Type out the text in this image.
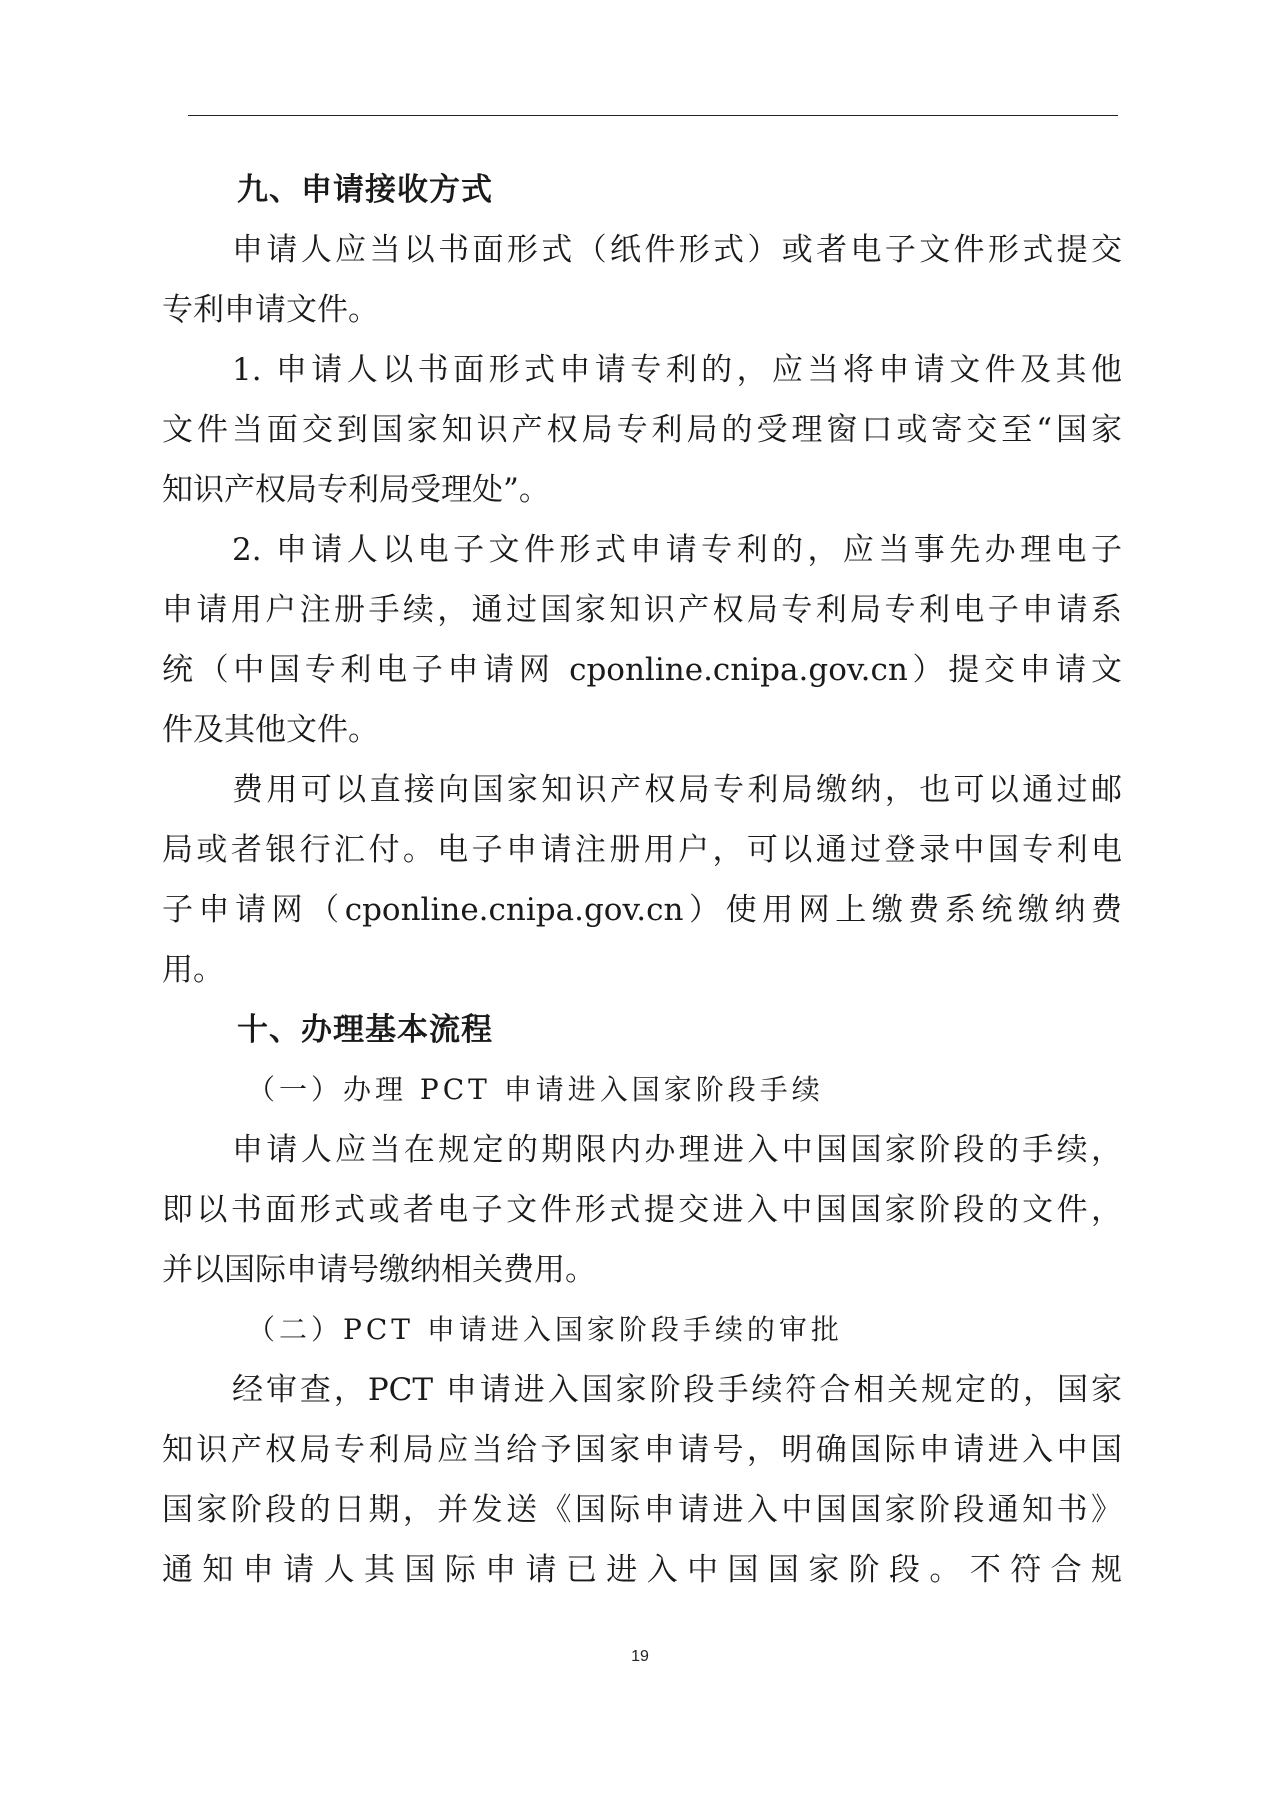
九、申请接收方式
申请人应当以书面形式（纸件形式）或者电子文件形式提交
专利申请文件。
1. 申请人以书面形式申请专利的，应当将申请文件及其他
文件当面交到国家知识产权局专利局的受理窗口或寄交至“国家
知识产权局专利局受理处”。
2. 申请人以电子文件形式申请专利的，应当事先办理电子
申请用户注册手续，通过国家知识产权局专利局专利电子申请系
统（中国专利电子申请网 cponline.cnipa.gov.cn）提交申请文
件及其他文件。
费用可以直接向国家知识产权局专利局缴纳，也可以通过邮
局或者银行汇付。电子申请注册用户，可以通过登录中国专利电
子申请网（cponline.cnipa.gov.cn）使用网上缴费系统缴纳费
用。
十、办理基本流程
（一）办理 PCT 申请进入国家阶段手续
申请人应当在规定的期限内办理进入中国国家阶段的手续，
即以书面形式或者电子文件形式提交进入中国国家阶段的文件，
并以国际申请号缴纳相关费用。
（二）PCT 申请进入国家阶段手续的审批
经审查，PCT 申请进入国家阶段手续符合相关规定的，国家
知识产权局专利局应当给予国家申请号，明确国际申请进入中国
国家阶段的日期，并发送《国际申请进入中国国家阶段通知书》
通知申请人其国际申请已进入中国国家阶段。不符合规
19
